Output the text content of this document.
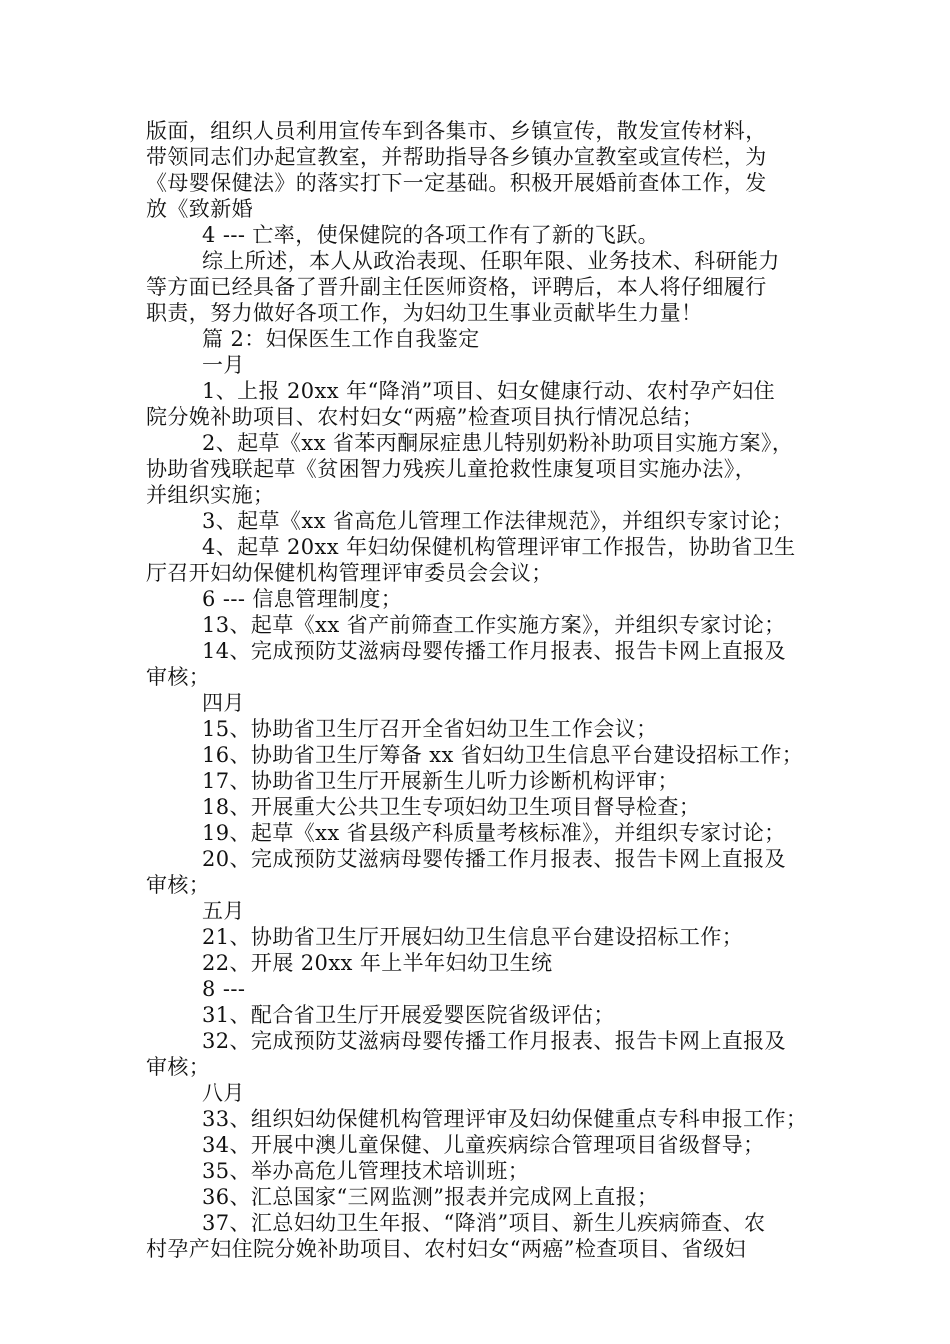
版面，组织人员利用宣传车到各集市、乡镇宣传，散发宣传材料，
带领同志们办起宣教室，并帮助指导各乡镇办宣教室或宣传栏，为
《母婴保健法》的落实打下一定基础。积极开展婚前查体工作，发
放《致新婚
4 --- 亡率，使保健院的各项工作有了新的飞跃。
综上所述，本人从政治表现、任职年限、业务技术、科研能力
等方面已经具备了晋升副主任医师资格，评聘后，本人将仔细履行
职责，努力做好各项工作，为妇幼卫生事业贡献毕生力量！
篇 2：妇保医生工作自我鉴定
一月
1、上报 20xx 年“降消”项目、妇女健康行动、农村孕产妇住
院分娩补助项目、农村妇女“两癌”检查项目执行情况总结；
2、起草《xx 省苯丙酮尿症患儿特别奶粉补助项目实施方案》，
协助省残联起草《贫困智力残疾儿童抢救性康复项目实施办法》，
并组织实施；
3、起草《xx 省高危儿管理工作法律规范》，并组织专家讨论；
4、起草 20xx 年妇幼保健机构管理评审工作报告，协助省卫生
厅召开妇幼保健机构管理评审委员会会议；
6 --- 信息管理制度；
13、起草《xx 省产前筛查工作实施方案》，并组织专家讨论；
14、完成预防艾滋病母婴传播工作月报表、报告卡网上直报及
审核；
四月
15、协助省卫生厅召开全省妇幼卫生工作会议；
16、协助省卫生厅筹备 xx 省妇幼卫生信息平台建设招标工作；
17、协助省卫生厅开展新生儿听力诊断机构评审；
18、开展重大公共卫生专项妇幼卫生项目督导检查；
19、起草《xx 省县级产科质量考核标准》，并组织专家讨论；
20、完成预防艾滋病母婴传播工作月报表、报告卡网上直报及
审核；
五月
21、协助省卫生厅开展妇幼卫生信息平台建设招标工作；
22、开展 20xx 年上半年妇幼卫生统
8 ---
31、配合省卫生厅开展爱婴医院省级评估；
32、完成预防艾滋病母婴传播工作月报表、报告卡网上直报及
审核；
八月
33、组织妇幼保健机构管理评审及妇幼保健重点专科申报工作；
34、开展中澳儿童保健、儿童疾病综合管理项目省级督导；
35、举办高危儿管理技术培训班；
36、汇总国家“三网监测”报表并完成网上直报；
37、汇总妇幼卫生年报、“降消”项目、新生儿疾病筛查、农
村孕产妇住院分娩补助项目、农村妇女“两癌”检查项目、省级妇
